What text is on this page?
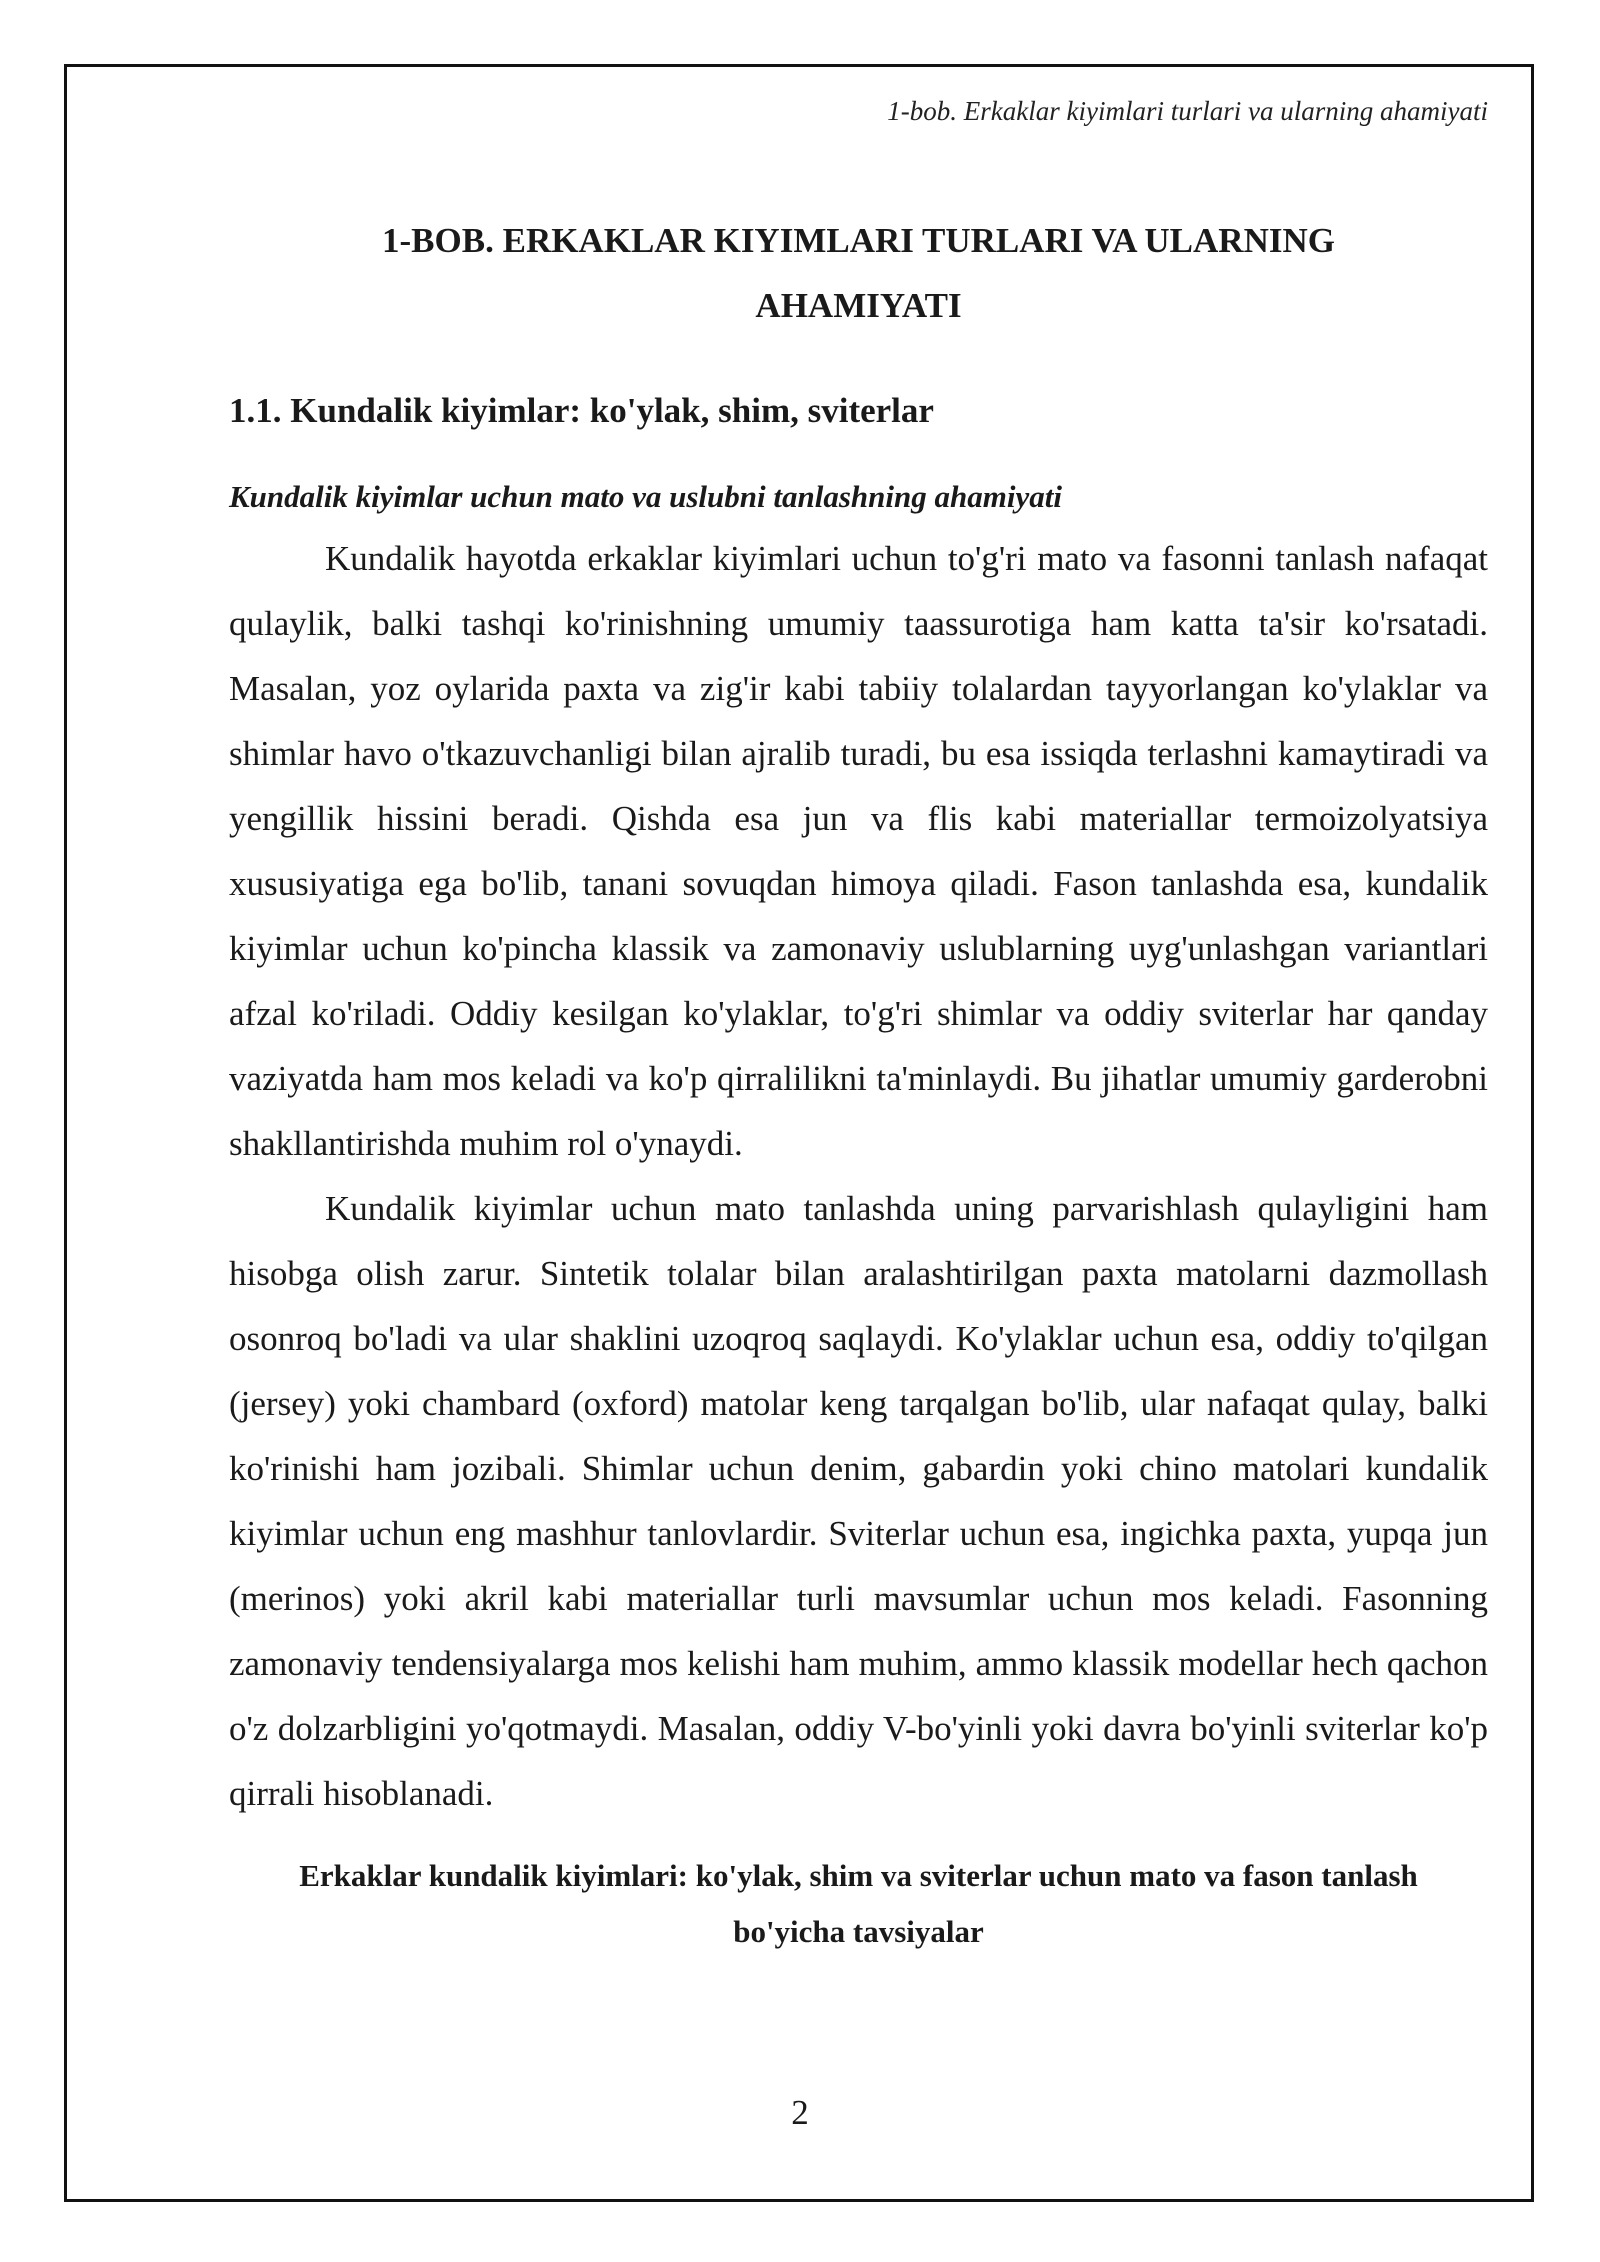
1-bob. Erkaklar kiyimlari turlari va ularning ahamiyati
1-BOB. ERKAKLAR KIYIMLARI TURLARI VA ULARNING AHAMIYATI
1.1. Kundalik kiyimlar: ko'ylak, shim, sviterlar
Kundalik kiyimlar uchun mato va uslubni tanlashning ahamiyati

Kundalik hayotda erkaklar kiyimlari uchun to'g'ri mato va fasonni tanlash nafaqat qulaylik, balki tashqi ko'rinishning umumiy taassurotiga ham katta ta'sir ko'rsatadi. Masalan, yoz oylarida paxta va zig'ir kabi tabiiy tolalardan tayyorlangan ko'ylaklar va shimlar havo o'tkazuvchanligi bilan ajralib turadi, bu esa issiqda terlashni kamaytiradi va yengillik hissini beradi. Qishda esa jun va flis kabi materiallar termoizolyatsiya xususiyatiga ega bo'lib, tanani sovuqdan himoya qiladi. Fason tanlashda esa, kundalik kiyimlar uchun ko'pincha klassik va zamonaviy uslublarning uyg'unlashgan variantlari afzal ko'riladi. Oddiy kesilgan ko'ylaklar, to'g'ri shimlar va oddiy sviterlar har qanday vaziyatda ham mos keladi va ko'p qirralilikni ta'minlaydi. Bu jihatlar umumiy garderobni shakllantirishda muhim rol o'ynaydi.

Kundalik kiyimlar uchun mato tanlashda uning parvarishlash qulayligini ham hisobga olish zarur. Sintetik tolalar bilan aralashtirilgan paxta matolarni dazmollash osonroq bo'ladi va ular shaklini uzoqroq saqlaydi. Ko'ylaklar uchun esa, oddiy to'qilgan (jersey) yoki chambard (oxford) matolar keng tarqalgan bo'lib, ular nafaqat qulay, balki ko'rinishi ham jozibali. Shimlar uchun denim, gabardin yoki chino matolari kundalik kiyimlar uchun eng mashhur tanlovlardir. Sviterlar uchun esa, ingichka paxta, yupqa jun (merinos) yoki akril kabi materiallar turli mavsumlar uchun mos keladi. Fasonning zamonaviy tendensiyalarga mos kelishi ham muhim, ammo klassik modellar hech qachon o'z dolzarbligini yo'qotmaydi. Masalan, oddiy V-bo'yinli yoki davra bo'yinli sviterlar ko'p qirrali hisoblanadi.

Erkaklar kundalik kiyimlari: ko'ylak, shim va sviterlar uchun mato va fason tanlash bo'yicha tavsiyalar

2
